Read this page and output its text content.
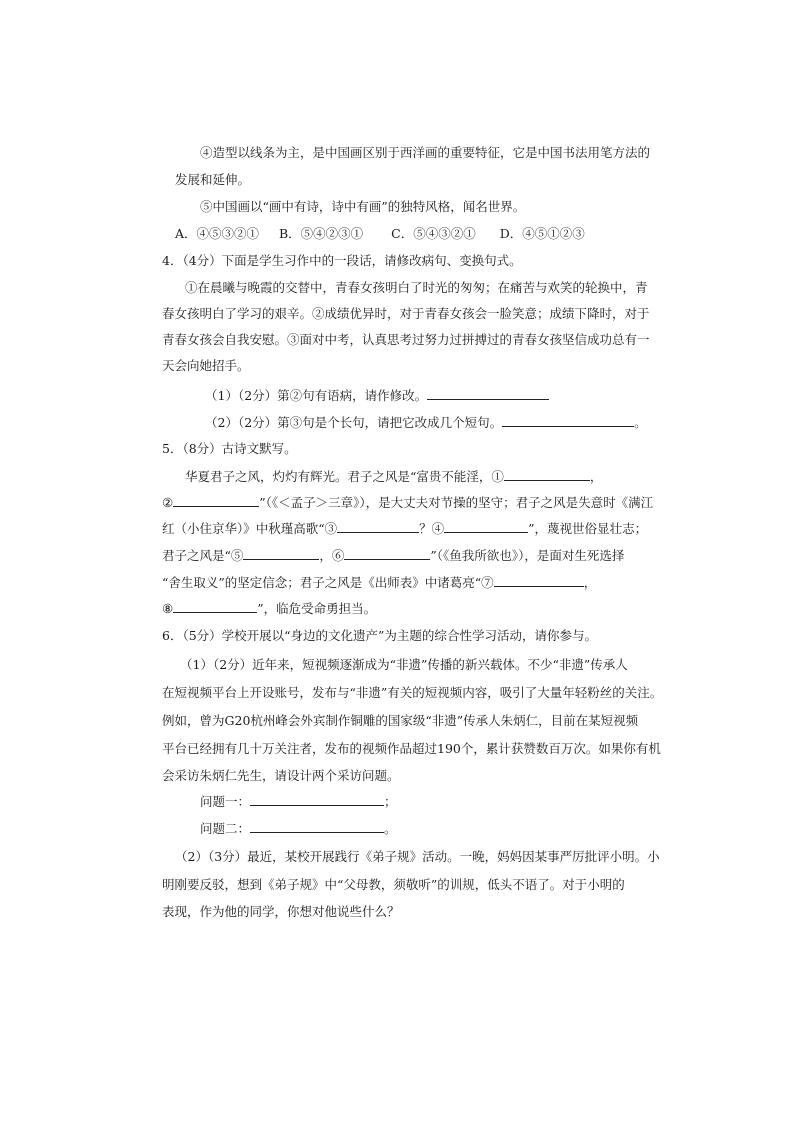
④造型以线条为主，是中国画区别于西洋画的重要特征，它是中国书法用笔方法的
发展和延伸。
⑤中国画以“画中有诗，诗中有画”的独特风格，闻名世界。
A．④⑤③②① B．⑤④②③① C．⑤④③②① D．④⑤①②③
4．（4分）下面是学生习作中的一段话，请修改病句、变换句式。
①在晨曦与晚霞的交替中，青春女孩明白了时光的匆匆；在痛苦与欢笑的轮换中，青
春女孩明白了学习的艰辛。②成绩优异时，对于青春女孩会一脸笑意；成绩下降时，对于
青春女孩会自我安慰。③面对中考，认真思考过努力过拼搏过的青春女孩坚信成功总有一
天会向她招手。
（1）（2分）第②句有语病，请作修改。
（2）（2分）第③句是个长句，请把它改成几个短句。	。
5．（8分）古诗文默写。
华夏君子之风，灼灼有辉光。君子之风是“富贵不能淫，①	，
②	”（《＜孟子＞三章》），是大丈夫对节操的坚守；君子之风是失意时《满江
红（小住京华）》中秋瑾高歌“③	？④	”，蔑视世俗显壮志；
君子之风是“⑤	，⑥	”（《鱼我所欲也》），是面对生死选择
“舍生取义”的坚定信念；君子之风是《出师表》中诸葛亮“⑦	，
⑧	”，临危受命勇担当。
6．（5分）学校开展以“身边的文化遗产”为主题的综合性学习活动，请你参与。
（1）（2分）近年来，短视频逐渐成为“非遗”传播的新兴载体。不少“非遗”传承人
在短视频平台上开设账号，发布与“非遗”有关的短视频内容，吸引了大量年轻粉丝的关注。
例如，曾为G20杭州峰会外宾制作铜雕的国家级“非遗”传承人朱炳仁，目前在某短视频
平台已经拥有几十万关注者，发布的视频作品超过190个，累计获赞数百万次。如果你有机
会采访朱炳仁先生，请设计两个采访问题。
问题一：	；
问题二：	。
（2）（3分）最近，某校开展践行《弟子规》活动。一晚，妈妈因某事严厉批评小明。小
明刚要反驳，想到《弟子规》中“父母教，须敬听”的训规，低头不语了。对于小明的
表现，作为他的同学，你想对他说些什么？
